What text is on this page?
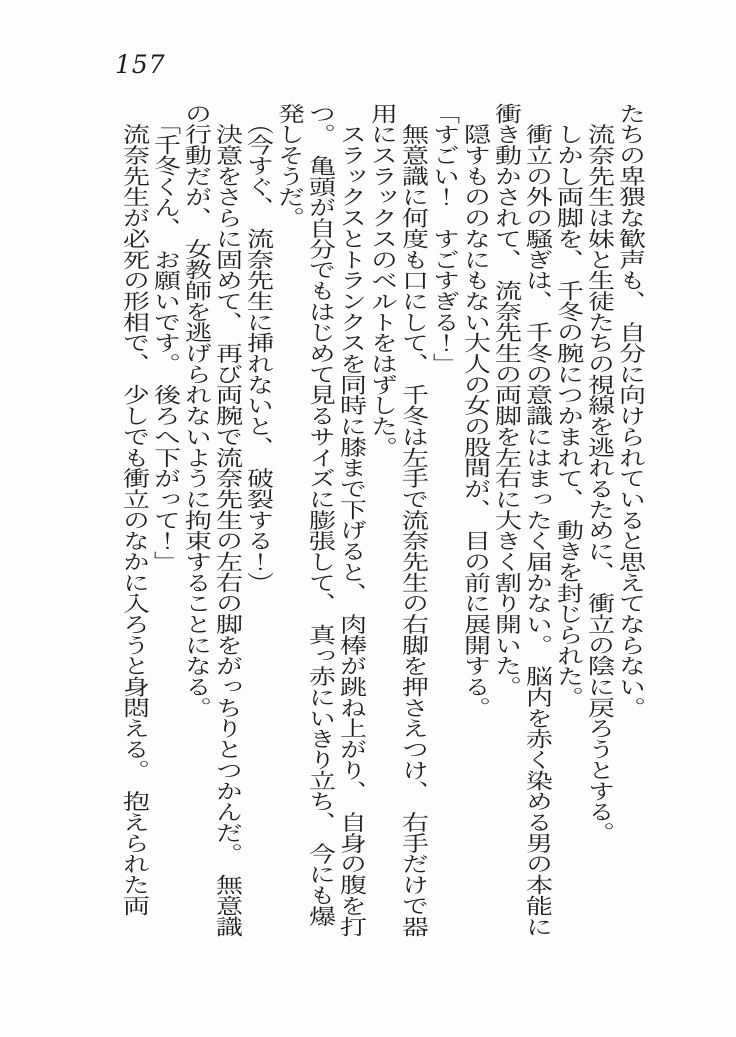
157

たちの卑猥な歓声も、　自分に向けられていると思えてならない。

　流奈先生は妹と生徒たちの視線を逃れるために、　衝立の陰に戻ろうとする。

　しかし両脚を、　千冬の腕につかまれて、　動きを封じられた。

　衝立の外の騒ぎは、　千冬の意識にはまったく届かない。　脳内を赤く染める男の本能に衝き動かされて、　流奈先生の両脚を左右に大きく割り開いた。

　隠すもののなにもない大人の女の股間が、　目の前に展開する。

「すごい！　すごすぎる！」

　無意識に何度も口にして、　千冬は左手で流奈先生の右脚を押さえつけ、　右手だけで器用にスラックスのベルトをはずした。

　スラックスとトランクスを同時に膝まで下げると、　肉棒が跳ね上がり、　自身の腹を打つ。　亀頭が自分でもはじめて見るサイズに膨張して、　真っ赤にいきり立ち、　今にも爆発しそうだ。

　（今すぐ、　流奈先生に挿れないと、　破裂する！）

　決意をさらに固めて、　再び両腕で流奈先生の左右の脚をがっちりとつかんだ。　無意識の行動だが、　女教師を逃げられないように拘束することになる。

　「千冬くん、　お願いです。　後ろへ下がって！」

　流奈先生が必死の形相で、　少しでも衝立のなかに入ろうと身悶える。　抱えられた両
